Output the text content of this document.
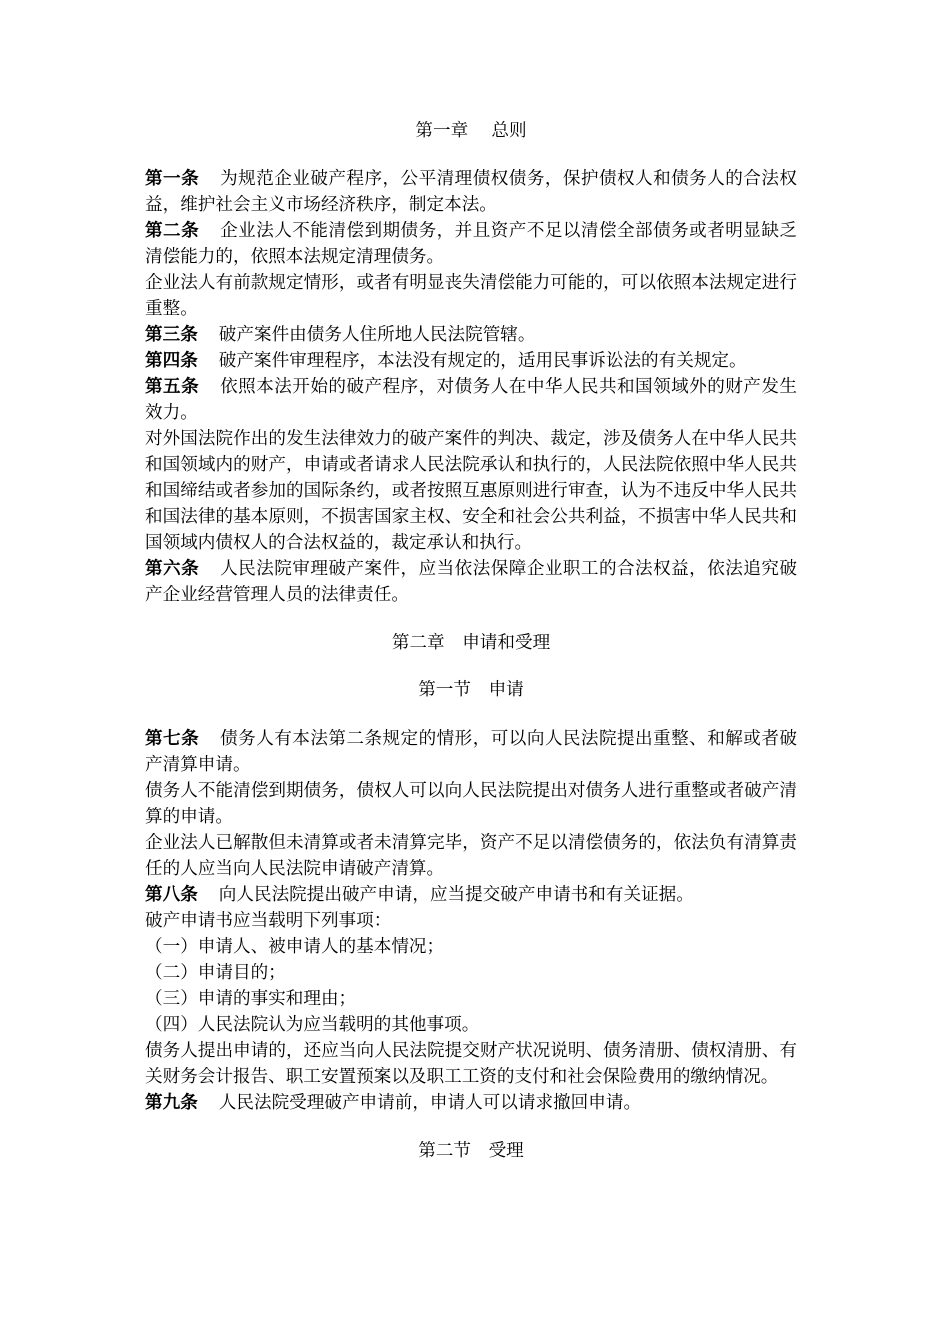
第一章　 总则

第一条 为规范企业破产程序，公平清理债权债务，保护债权人和债务人的合法权益，维护社会主义市场经济秩序，制定本法。

第二条 企业法人不能清偿到期债务，并且资产不足以清偿全部债务或者明显缺乏清偿能力的，依照本法规定清理债务。

企业法人有前款规定情形，或者有明显丧失清偿能力可能的，可以依照本法规定进行重整。

第三条 破产案件由债务人住所地人民法院管辖。

第四条 破产案件审理程序，本法没有规定的，适用民事诉讼法的有关规定。

第五条 依照本法开始的破产程序，对债务人在中华人民共和国领域外的财产发生效力。

对外国法院作出的发生法律效力的破产案件的判决、裁定，涉及债务人在中华人民共和国领域内的财产，申请或者请求人民法院承认和执行的，人民法院依照中华人民共和国缔结或者参加的国际条约，或者按照互惠原则进行审查，认为不违反中华人民共和国法律的基本原则，不损害国家主权、安全和社会公共利益，不损害中华人民共和国领域内债权人的合法权益的，裁定承认和执行。

第六条 人民法院审理破产案件，应当依法保障企业职工的合法权益，依法追究破产企业经营管理人员的法律责任。

第二章　申请和受理

第一节　申请

第七条 债务人有本法第二条规定的情形，可以向人民法院提出重整、和解或者破产清算申请。

债务人不能清偿到期债务，债权人可以向人民法院提出对债务人进行重整或者破产清算的申请。

企业法人已解散但未清算或者未清算完毕，资产不足以清偿债务的，依法负有清算责任的人应当向人民法院申请破产清算。

第八条 向人民法院提出破产申请，应当提交破产申请书和有关证据。

破产申请书应当载明下列事项：

（一）申请人、被申请人的基本情况；

（二）申请目的；

（三）申请的事实和理由；

（四）人民法院认为应当载明的其他事项。

债务人提出申请的，还应当向人民法院提交财产状况说明、债务清册、债权清册、有关财务会计报告、职工安置预案以及职工工资的支付和社会保险费用的缴纳情况。

第九条 人民法院受理破产申请前，申请人可以请求撤回申请。

第二节　受理
